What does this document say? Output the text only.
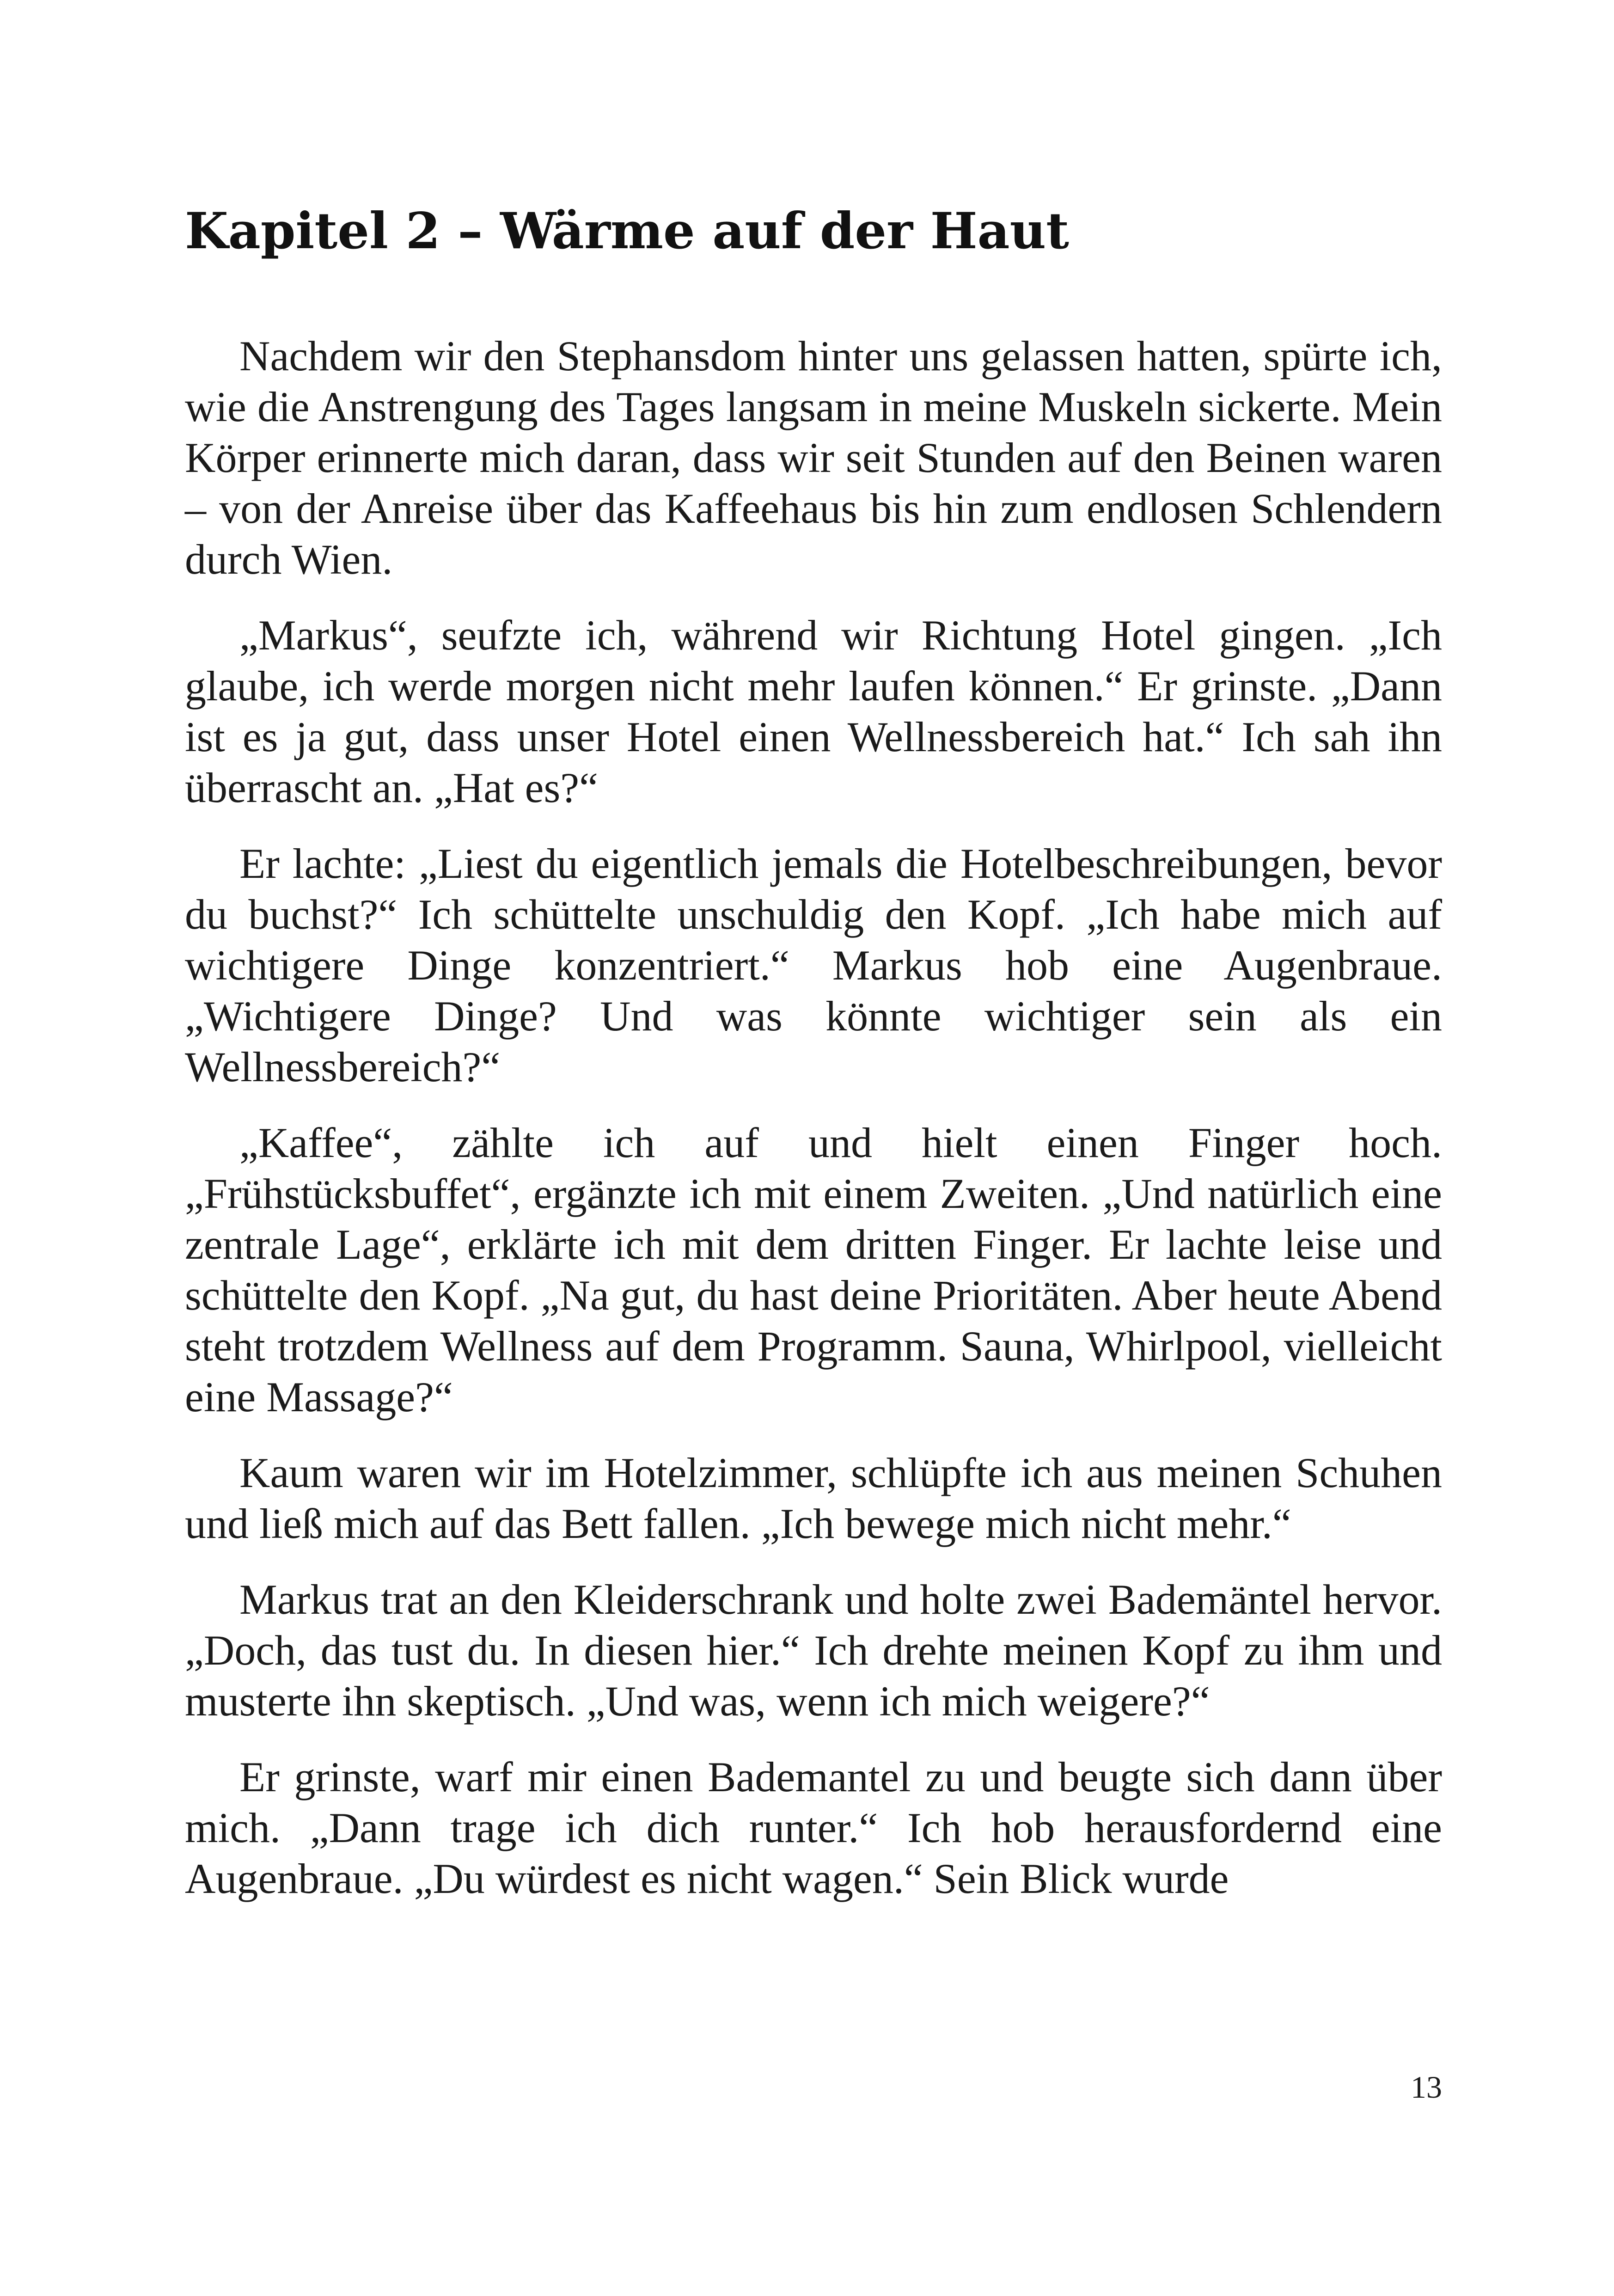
Kapitel 2 – Wärme auf der Haut

Nachdem wir den Stephansdom hinter uns gelassen hatten, spürte ich, wie die Anstrengung des Tages langsam in meine Muskeln sickerte. Mein Körper erinnerte mich daran, dass wir seit Stunden auf den Beinen waren – von der Anreise über das Kaffeehaus bis hin zum endlosen Schlendern durch Wien.

„Markus“, seufzte ich, während wir Richtung Hotel gingen. „Ich glaube, ich werde morgen nicht mehr laufen können.“ Er grinste. „Dann ist es ja gut, dass unser Hotel einen Wellnessbereich hat.“ Ich sah ihn überrascht an. „Hat es?“

Er lachte: „Liest du eigentlich jemals die Hotelbeschreibungen, bevor du buchst?“ Ich schüttelte unschuldig den Kopf. „Ich habe mich auf wichtigere Dinge konzentriert.“ Markus hob eine Augenbraue. „Wichtigere Dinge? Und was könnte wichtiger sein als ein Wellnessbereich?“

„Kaffee“, zählte ich auf und hielt einen Finger hoch. „Frühstücksbuffet“, ergänzte ich mit einem Zweiten. „Und natürlich eine zentrale Lage“, erklärte ich mit dem dritten Finger. Er lachte leise und schüttelte den Kopf. „Na gut, du hast deine Prioritäten. Aber heute Abend steht trotzdem Wellness auf dem Programm. Sauna, Whirlpool, vielleicht eine Massage?“

Kaum waren wir im Hotelzimmer, schlüpfte ich aus meinen Schuhen und ließ mich auf das Bett fallen. „Ich bewege mich nicht mehr.“

Markus trat an den Kleiderschrank und holte zwei Bademäntel hervor. „Doch, das tust du. In diesen hier.“ Ich drehte meinen Kopf zu ihm und musterte ihn skeptisch. „Und was, wenn ich mich weigere?“

Er grinste, warf mir einen Bademantel zu und beugte sich dann über mich. „Dann trage ich dich runter.“ Ich hob herausfordernd eine Augenbraue. „Du würdest es nicht wagen.“ Sein Blick wurde

13
